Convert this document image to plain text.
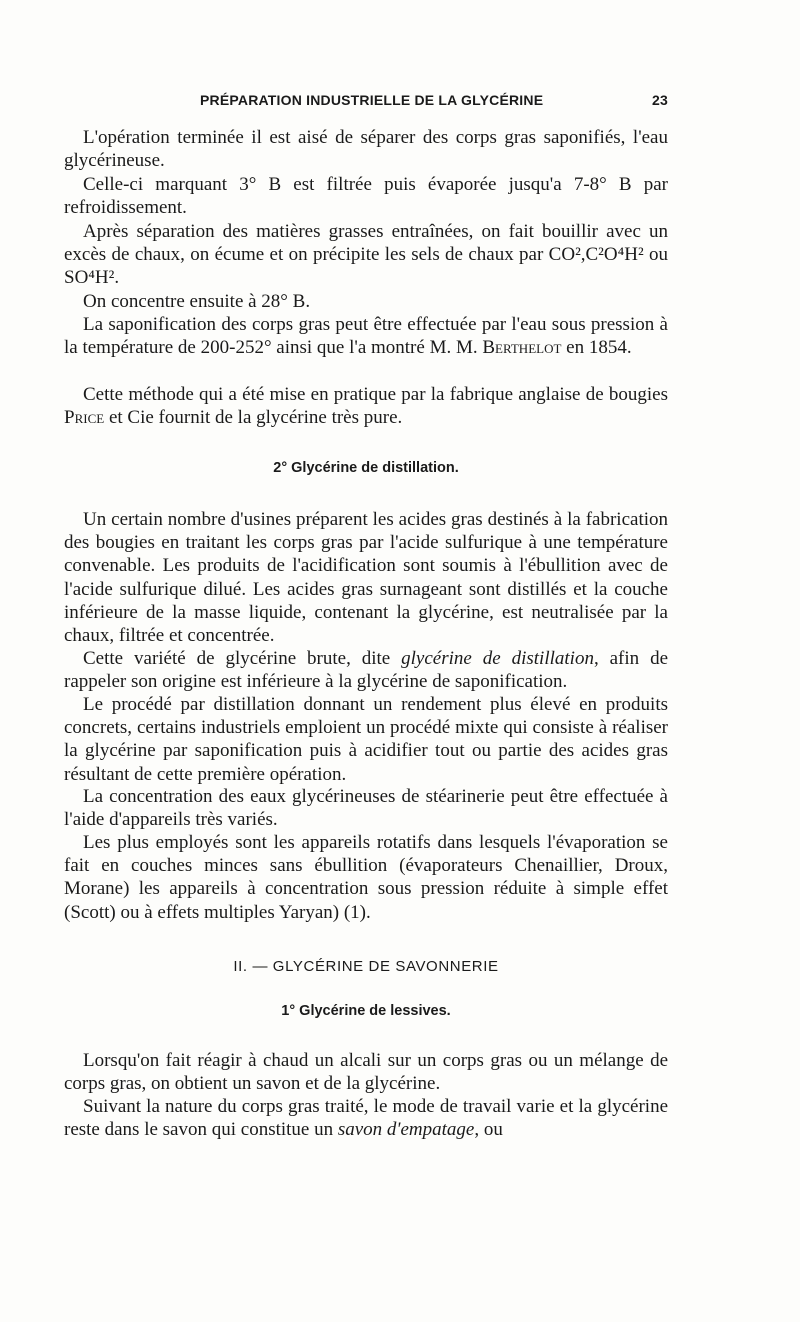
PRÉPARATION INDUSTRIELLE DE LA GLYCÉRINE	23

L'opération terminée il est aisé de séparer des corps gras saponifiés, l'eau glycérineuse.

Celle-ci marquant 3° B est filtrée puis évaporée jusqu'a 7-8° B par refroidissement.

Après séparation des matières grasses entraînées, on fait bouillir avec un excès de chaux, on écume et on précipite les sels de chaux par CO²,C²O⁴H² ou SO⁴H².

On concentre ensuite à 28° B.

La saponification des corps gras peut être effectuée par l'eau sous pression à la température de 200-252° ainsi que l'a montré M. M. Berthelot en 1854.

Cette méthode qui a été mise en pratique par la fabrique anglaise de bougies Price et Cie fournit de la glycérine très pure.

2° Glycérine de distillation.

Un certain nombre d'usines préparent les acides gras destinés à la fabrication des bougies en traitant les corps gras par l'acide sulfurique à une température convenable. Les produits de l'acidification sont soumis à l'ébullition avec de l'acide sulfurique dilué. Les acides gras surnageant sont distillés et la couche inférieure de la masse liquide, contenant la glycérine, est neutralisée par la chaux, filtrée et concentrée.

Cette variété de glycérine brute, dite glycérine de distillation, afin de rappeler son origine est inférieure à la glycérine de saponification.

Le procédé par distillation donnant un rendement plus élevé en produits concrets, certains industriels emploient un procédé mixte qui consiste à réaliser la glycérine par saponification puis à acidifier tout ou partie des acides gras résultant de cette première opération.

La concentration des eaux glycérineuses de stéarinerie peut être effectuée à l'aide d'appareils très variés.

Les plus employés sont les appareils rotatifs dans lesquels l'évaporation se fait en couches minces sans ébullition (évaporateurs Chenaillier, Droux, Morane) les appareils à concentration sous pression réduite à simple effet (Scott) ou à effets multiples Yaryan) (1).

II. — GLYCÉRINE DE SAVONNERIE
1° Glycérine de lessives.

Lorsqu'on fait réagir à chaud un alcali sur un corps gras ou un mélange de corps gras, on obtient un savon et de la glycérine.

Suivant la nature du corps gras traité, le mode de travail varie et la glycérine reste dans le savon qui constitue un savon d'empatage, ou
